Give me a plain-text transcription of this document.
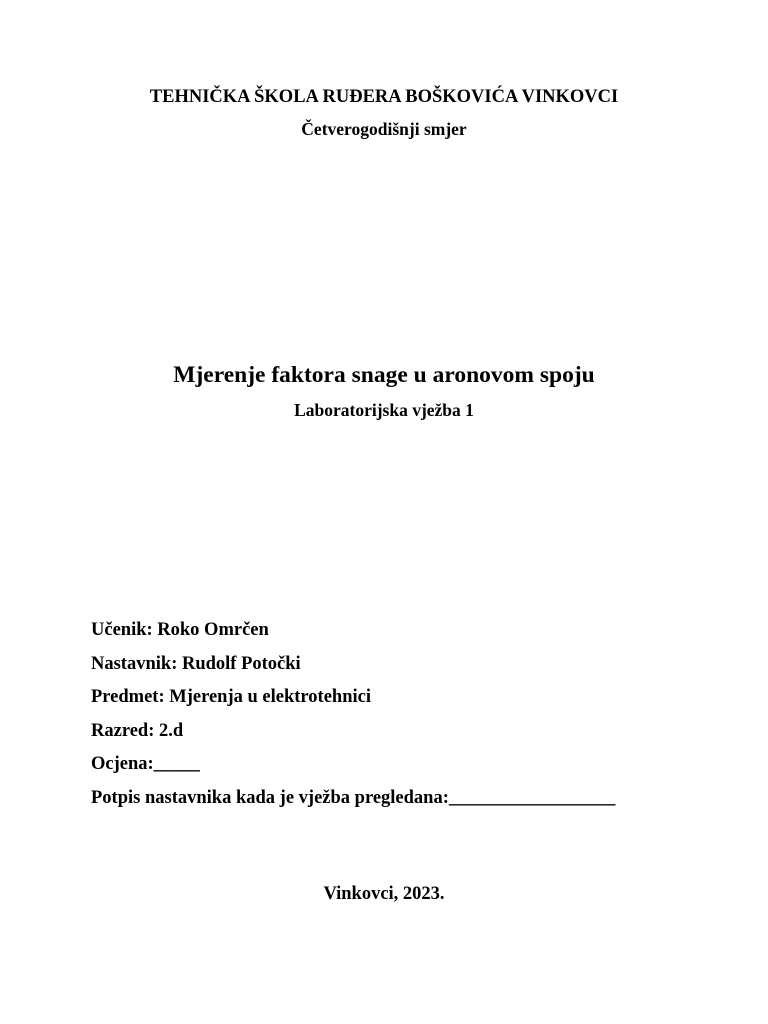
TEHNIČKA ŠKOLA RUĐERA BOŠKOVIĆA VINKOVCI

Četverogodišnji smjer

Mjerenje faktora snage u aronovom spoju

Laboratorijska vježba 1

Učenik: Roko Omrčen
Nastavnik: Rudolf Potočki
Predmet: Mjerenja u elektrotehnici
Razred: 2.d
Ocjena:_____
Potpis nastavnika kada je vježba pregledana:__________________

Vinkovci, 2023.
